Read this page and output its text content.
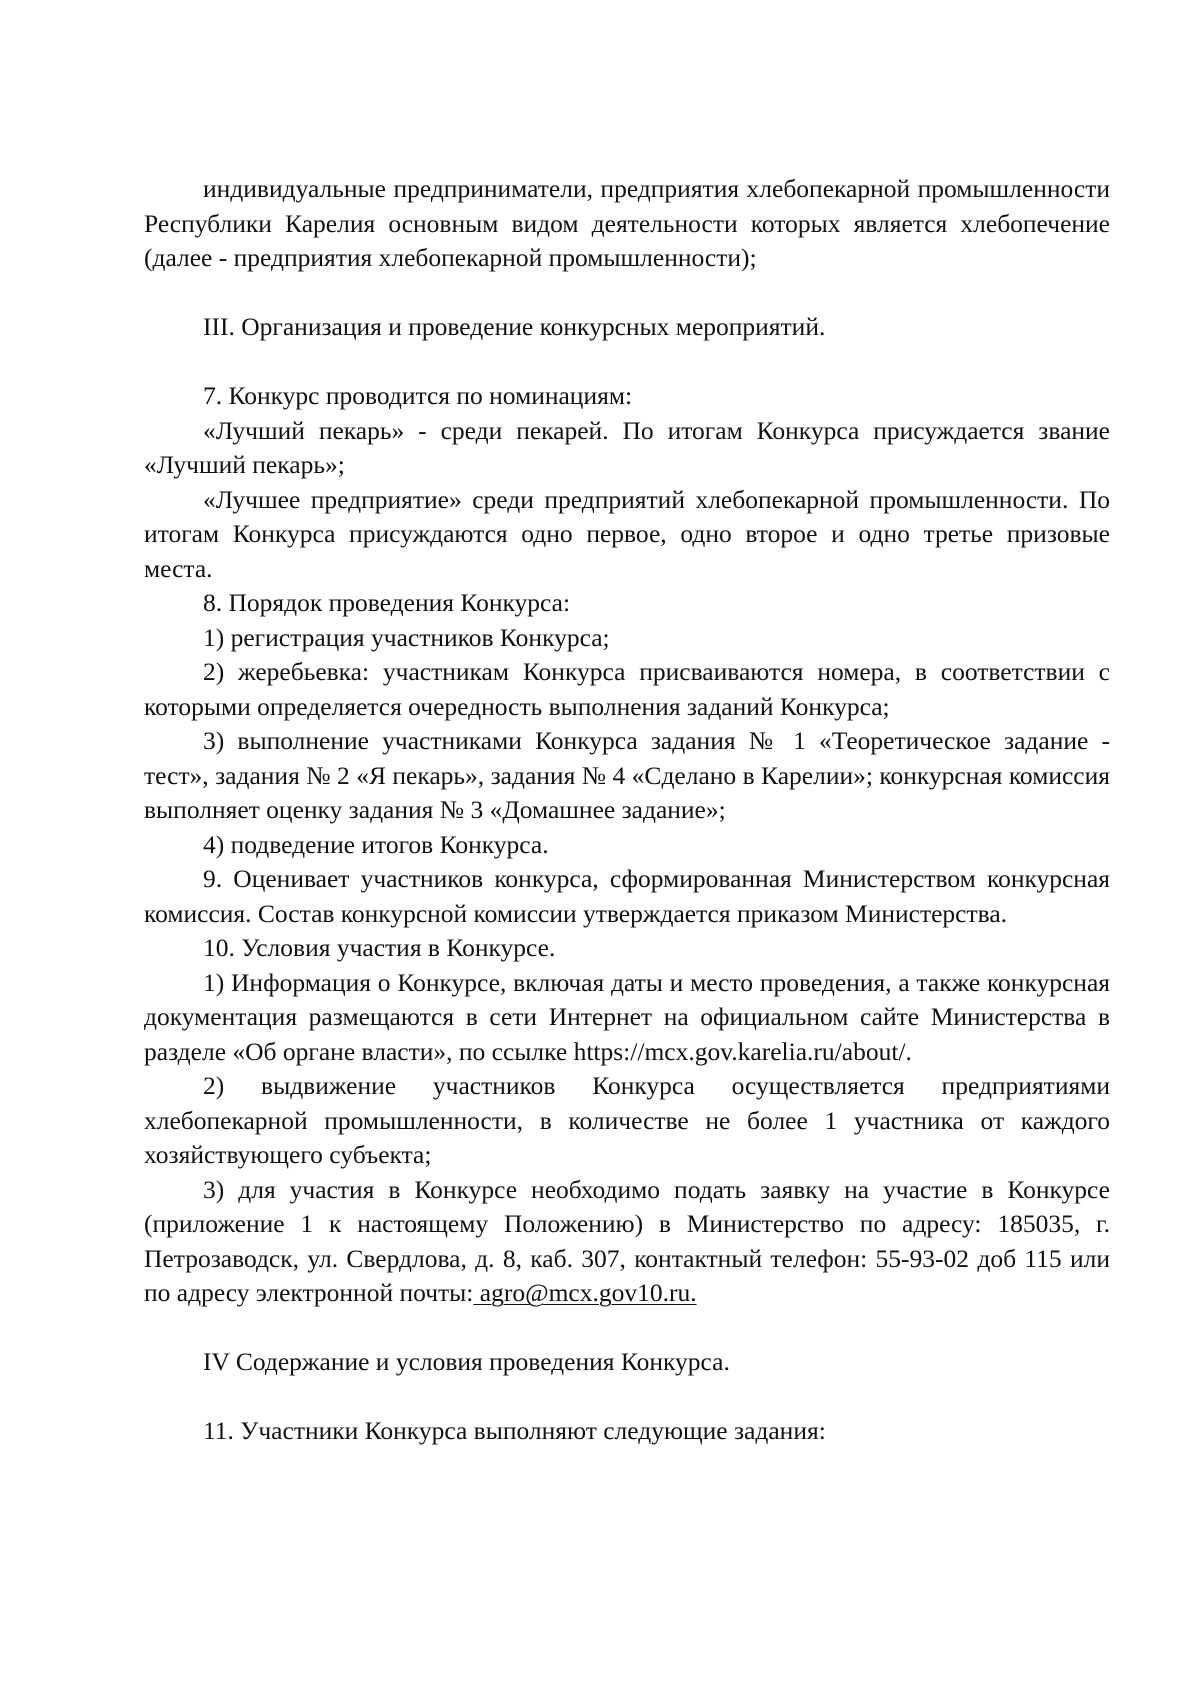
индивидуальные предприниматели, предприятия хлебопекарной промышленности Республики Карелия основным видом деятельности которых является хлебопечение (далее - предприятия хлебопекарной промышленности);

III. Организация и проведение конкурсных мероприятий.

7. Конкурс проводится по номинациям:

«Лучший пекарь» - среди пекарей. По итогам Конкурса присуждается звание «Лучший пекарь»;

«Лучшее предприятие» среди предприятий хлебопекарной промышленности. По итогам Конкурса присуждаются одно первое, одно второе и одно третье призовые места.

8. Порядок проведения Конкурса:

1) регистрация участников Конкурса;

2) жеребьевка: участникам Конкурса присваиваются номера, в соответствии с которыми определяется очередность выполнения заданий Конкурса;

3) выполнение участниками Конкурса задания № 1 «Теоретическое задание - тест», задания № 2 «Я пекарь», задания № 4 «Сделано в Карелии»; конкурсная комиссия выполняет оценку задания № 3 «Домашнее задание»;

4) подведение итогов Конкурса.

9. Оценивает участников конкурса, сформированная Министерством конкурсная комиссия. Состав конкурсной комиссии утверждается приказом Министерства.

10. Условия участия в Конкурсе.

1) Информация о Конкурсе, включая даты и место проведения, а также конкурсная документация размещаются в сети Интернет на официальном сайте Министерства в разделе «Об органе власти», по ссылке https://mcx.gov.karelia.ru/about/.

2) выдвижение участников Конкурса осуществляется предприятиями хлебопекарной промышленности, в количестве не более 1 участника от каждого хозяйствующего субъекта;

3) для участия в Конкурсе необходимо подать заявку на участие в Конкурсе (приложение 1 к настоящему Положению) в Министерство по адресу: 185035, г. Петрозаводск, ул. Свердлова, д. 8, каб. 307, контактный телефон: 55-93-02 доб 115 или по адресу электронной почты: agro@mcx.gov10.ru.

IV Содержание и условия проведения Конкурса.

11. Участники Конкурса выполняют следующие задания:
